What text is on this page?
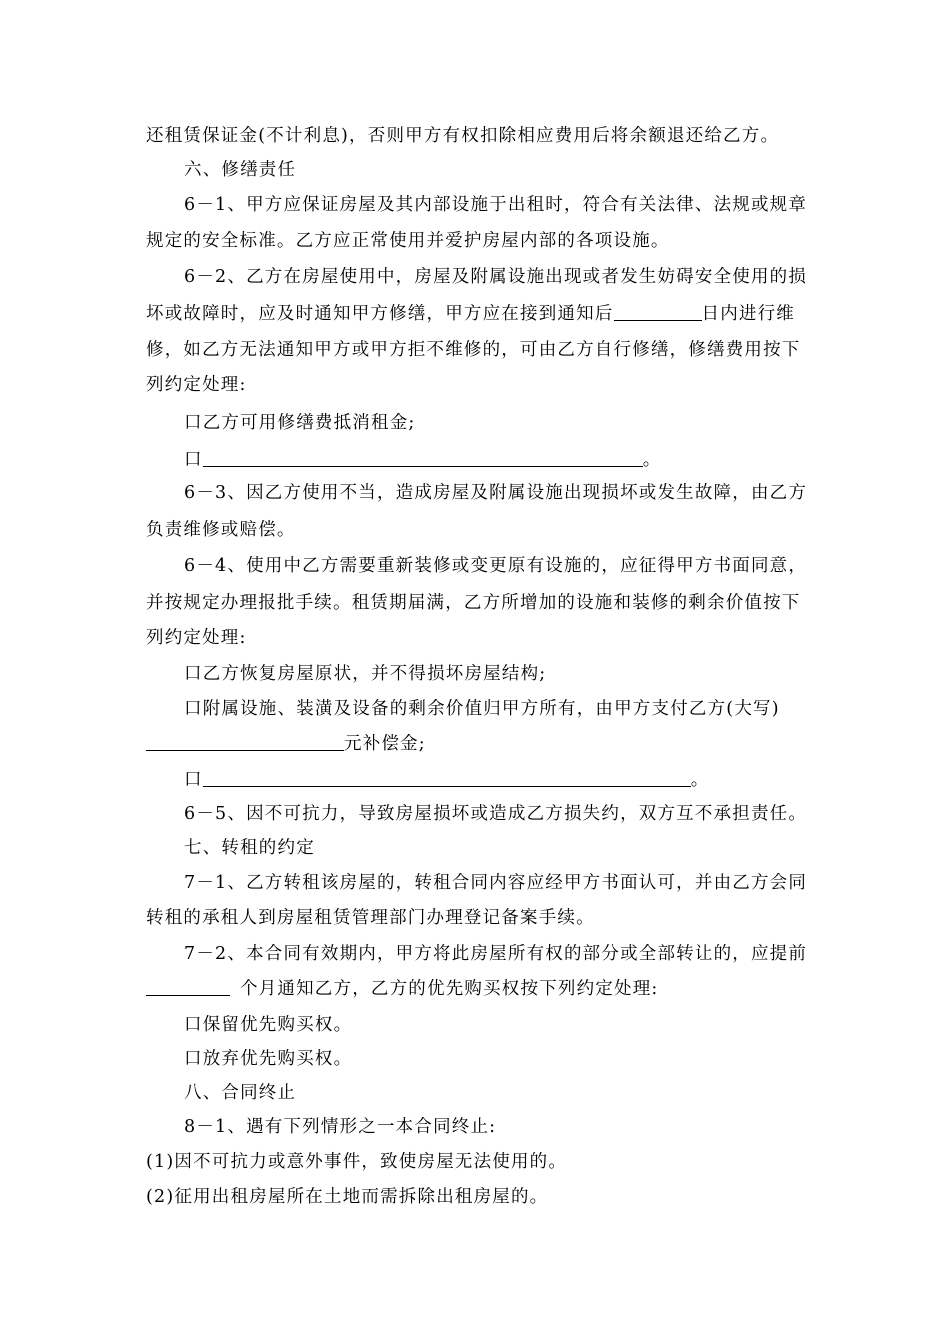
还租赁保证金(不计利息)，否则甲方有权扣除相应费用后将余额退还给乙方。
六、修缮责任
6－1、甲方应保证房屋及其内部设施于出租时，符合有关法律、法规或规章
规定的安全标准。乙方应正常使用并爱护房屋内部的各项设施。
6－2、乙方在房屋使用中，房屋及附属设施出现或者发生妨碍安全使用的损
坏或故障时，应及时通知甲方修缮，甲方应在接到通知后	日内进行维
修，如乙方无法通知甲方或甲方拒不维修的，可由乙方自行修缮，修缮费用按下
列约定处理:
口乙方可用修缮费抵消租金;
口	。
6－3、因乙方使用不当，造成房屋及附属设施出现损坏或发生故障，由乙方
负责维修或赔偿。
6－4、使用中乙方需要重新装修或变更原有设施的，应征得甲方书面同意，
并按规定办理报批手续。租赁期届满，乙方所增加的设施和装修的剩余价值按下
列约定处理:
口乙方恢复房屋原状，并不得损坏房屋结构;
口附属设施、装潢及设备的剩余价值归甲方所有，由甲方支付乙方(大写)
元补偿金;
口	。
6－5、因不可抗力，导致房屋损坏或造成乙方损失约，双方互不承担责任。
七、转租的约定
7－1、乙方转租该房屋的，转租合同内容应经甲方书面认可，并由乙方会同
转租的承租人到房屋租赁管理部门办理登记备案手续。
7－2、本合同有效期内，甲方将此房屋所有权的部分或全部转让的，应提前
个月通知乙方，乙方的优先购买权按下列约定处理:
口保留优先购买权。
口放弃优先购买权。
八、合同终止
8－1、遇有下列情形之一本合同终止:
(1)因不可抗力或意外事件，致使房屋无法使用的。
(2)征用出租房屋所在土地而需拆除出租房屋的。
